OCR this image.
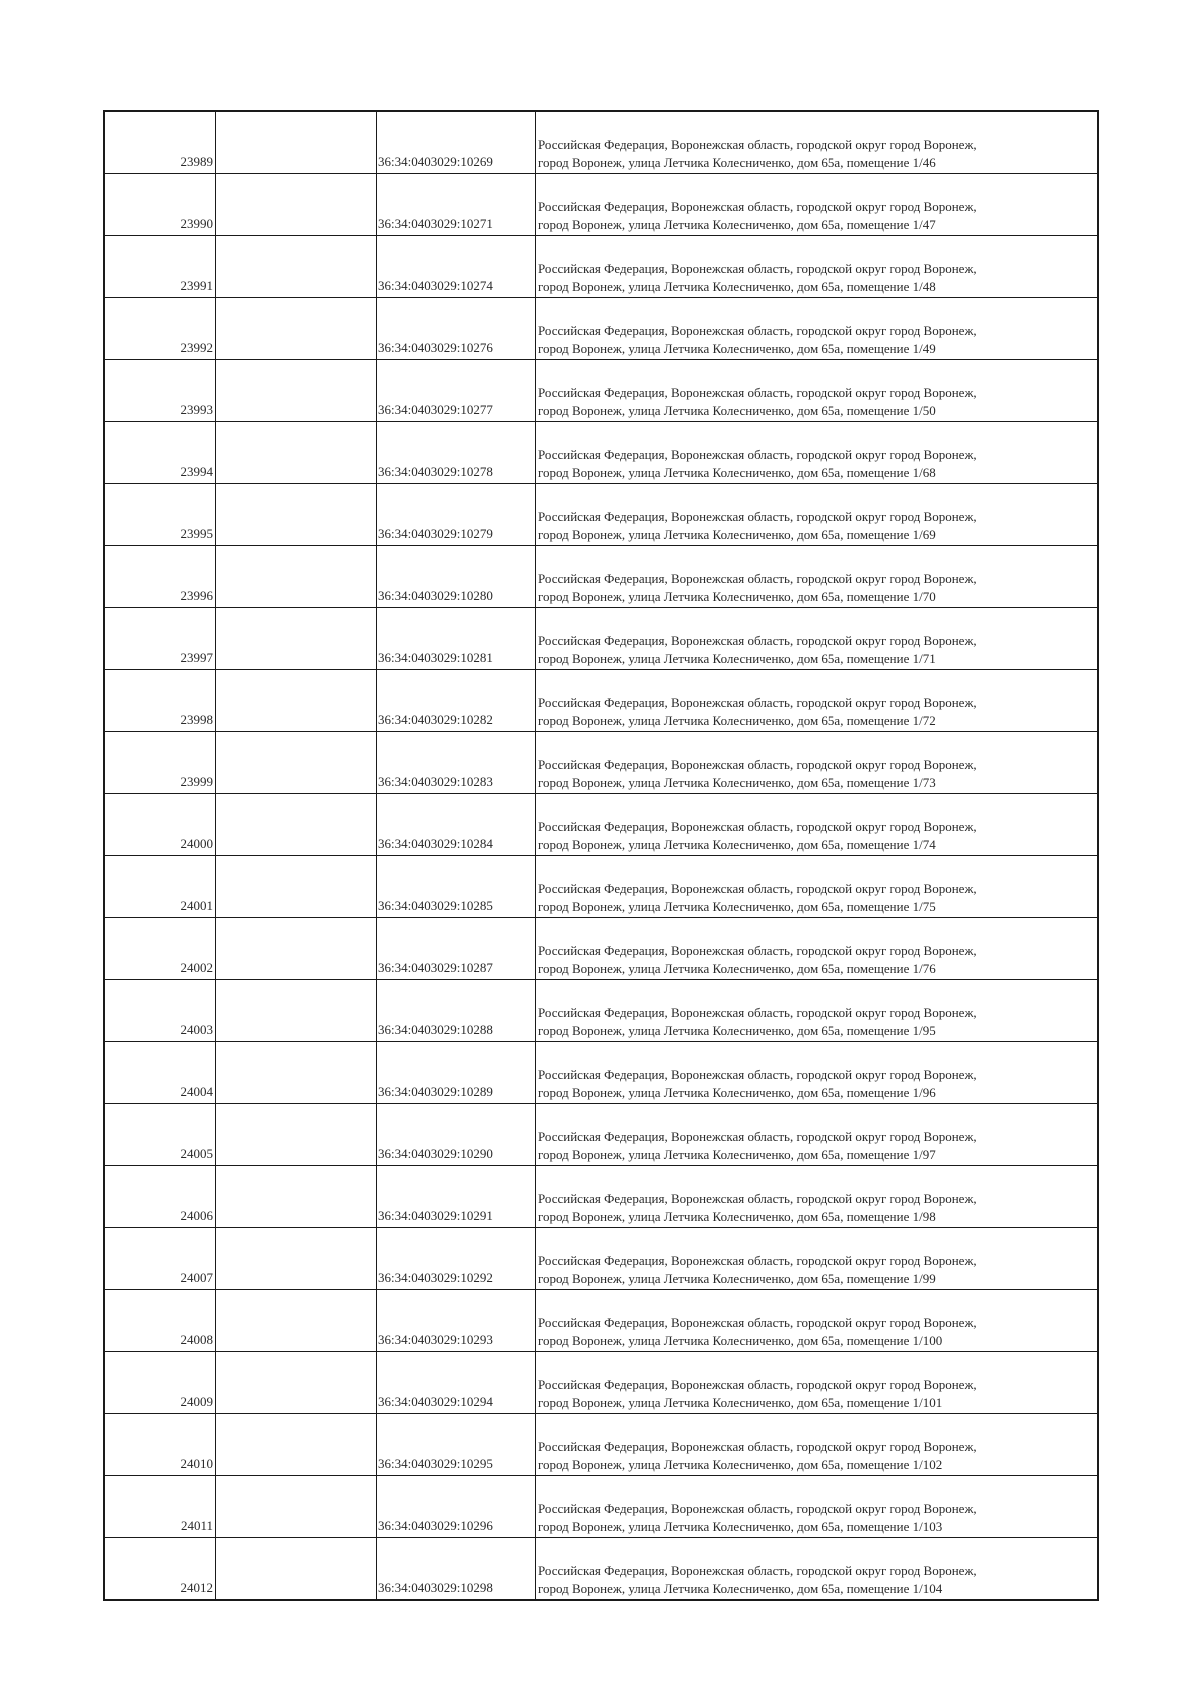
23989		36:34:0403029:10269	Российская Федерация, Воронежская область, городской округ город Воронеж,
город Воронеж, улица Летчика Колесниченко, дом 65а, помещение 1/46

23990		36:34:0403029:10271	Российская Федерация, Воронежская область, городской округ город Воронеж,
город Воронеж, улица Летчика Колесниченко, дом 65а, помещение 1/47

23991		36:34:0403029:10274	Российская Федерация, Воронежская область, городской округ город Воронеж,
город Воронеж, улица Летчика Колесниченко, дом 65а, помещение 1/48

23992		36:34:0403029:10276	Российская Федерация, Воронежская область, городской округ город Воронеж,
город Воронеж, улица Летчика Колесниченко, дом 65а, помещение 1/49

23993		36:34:0403029:10277	Российская Федерация, Воронежская область, городской округ город Воронеж,
город Воронеж, улица Летчика Колесниченко, дом 65а, помещение 1/50

23994		36:34:0403029:10278	Российская Федерация, Воронежская область, городской округ город Воронеж,
город Воронеж, улица Летчика Колесниченко, дом 65а, помещение 1/68

23995		36:34:0403029:10279	Российская Федерация, Воронежская область, городской округ город Воронеж,
город Воронеж, улица Летчика Колесниченко, дом 65а, помещение 1/69

23996		36:34:0403029:10280	Российская Федерация, Воронежская область, городской округ город Воронеж,
город Воронеж, улица Летчика Колесниченко, дом 65а, помещение 1/70

23997		36:34:0403029:10281	Российская Федерация, Воронежская область, городской округ город Воронеж,
город Воронеж, улица Летчика Колесниченко, дом 65а, помещение 1/71

23998		36:34:0403029:10282	Российская Федерация, Воронежская область, городской округ город Воронеж,
город Воронеж, улица Летчика Колесниченко, дом 65а, помещение 1/72

23999		36:34:0403029:10283	Российская Федерация, Воронежская область, городской округ город Воронеж,
город Воронеж, улица Летчика Колесниченко, дом 65а, помещение 1/73

24000		36:34:0403029:10284	Российская Федерация, Воронежская область, городской округ город Воронеж,
город Воронеж, улица Летчика Колесниченко, дом 65а, помещение 1/74

24001		36:34:0403029:10285	Российская Федерация, Воронежская область, городской округ город Воронеж,
город Воронеж, улица Летчика Колесниченко, дом 65а, помещение 1/75

24002		36:34:0403029:10287	Российская Федерация, Воронежская область, городской округ город Воронеж,
город Воронеж, улица Летчика Колесниченко, дом 65а, помещение 1/76

24003		36:34:0403029:10288	Российская Федерация, Воронежская область, городской округ город Воронеж,
город Воронеж, улица Летчика Колесниченко, дом 65а, помещение 1/95

24004		36:34:0403029:10289	Российская Федерация, Воронежская область, городской округ город Воронеж,
город Воронеж, улица Летчика Колесниченко, дом 65а, помещение 1/96

24005		36:34:0403029:10290	Российская Федерация, Воронежская область, городской округ город Воронеж,
город Воронеж, улица Летчика Колесниченко, дом 65а, помещение 1/97

24006		36:34:0403029:10291	Российская Федерация, Воронежская область, городской округ город Воронеж,
город Воронеж, улица Летчика Колесниченко, дом 65а, помещение 1/98

24007		36:34:0403029:10292	Российская Федерация, Воронежская область, городской округ город Воронеж,
город Воронеж, улица Летчика Колесниченко, дом 65а, помещение 1/99

24008		36:34:0403029:10293	Российская Федерация, Воронежская область, городской округ город Воронеж,
город Воронеж, улица Летчика Колесниченко, дом 65а, помещение 1/100

24009		36:34:0403029:10294	Российская Федерация, Воронежская область, городской округ город Воронеж,
город Воронеж, улица Летчика Колесниченко, дом 65а, помещение 1/101

24010		36:34:0403029:10295	Российская Федерация, Воронежская область, городской округ город Воронеж,
город Воронеж, улица Летчика Колесниченко, дом 65а, помещение 1/102

24011		36:34:0403029:10296	Российская Федерация, Воронежская область, городской округ город Воронеж,
город Воронеж, улица Летчика Колесниченко, дом 65а, помещение 1/103

24012		36:34:0403029:10298	Российская Федерация, Воронежская область, городской округ город Воронеж,
город Воронеж, улица Летчика Колесниченко, дом 65а, помещение 1/104
